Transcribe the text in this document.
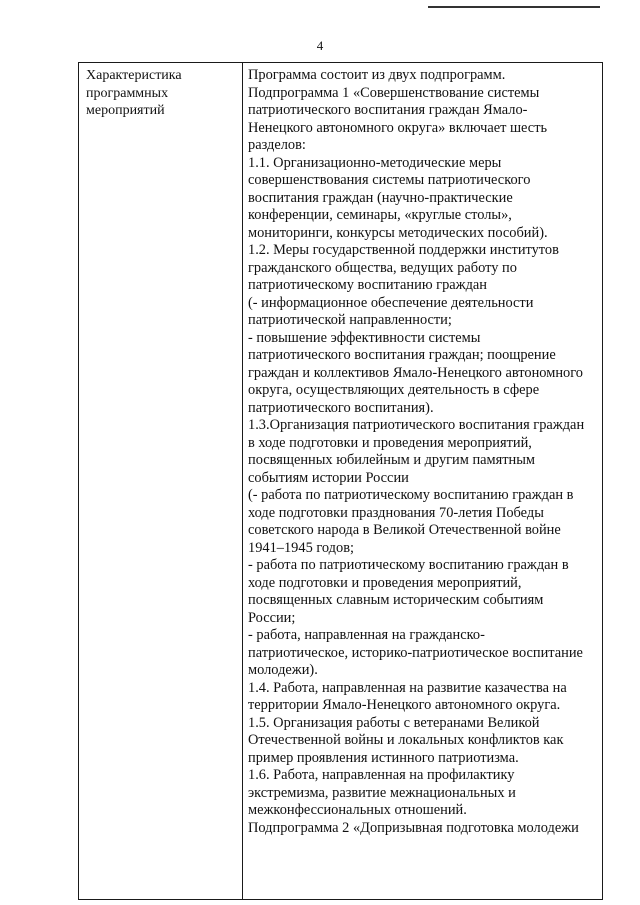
4
Характеристика
программных
мероприятий
Программа состоит из двух подпрограмм.
Подпрограмма 1 «Совершенствование системы
патриотического воспитания граждан Ямало-
Ненецкого автономного округа» включает шесть
разделов:
1.1. Организационно-методические меры
совершенствования системы патриотического
воспитания граждан (научно-практические
конференции, семинары, «круглые столы»,
мониторинги, конкурсы методических пособий).
1.2. Меры государственной поддержки институтов
гражданского общества, ведущих работу по
патриотическому воспитанию граждан
(- информационное обеспечение деятельности
патриотической направленности;
- повышение эффективности системы
патриотического воспитания граждан; поощрение
граждан и коллективов Ямало-Ненецкого автономного
округа, осуществляющих деятельность в сфере
патриотического воспитания).
1.3.Организация патриотического воспитания граждан
в ходе подготовки и проведения мероприятий,
посвященных юбилейным и другим памятным
событиям истории России
(- работа по патриотическому воспитанию граждан в
ходе подготовки празднования 70-летия Победы
советского народа в Великой Отечественной войне
1941–1945 годов;
- работа по патриотическому воспитанию граждан в
ходе подготовки и проведения мероприятий,
посвященных славным историческим событиям
России;
- работа, направленная на гражданско-
патриотическое, историко-патриотическое воспитание
молодежи).
1.4. Работа, направленная на развитие казачества на
территории Ямало-Ненецкого автономного округа.
1.5. Организация работы с ветеранами Великой
Отечественной войны и локальных конфликтов как
пример проявления истинного патриотизма.
1.6. Работа, направленная на профилактику
экстремизма, развитие межнациональных и
межконфессиональных отношений.
Подпрограмма 2 «Допризывная подготовка молодежи
